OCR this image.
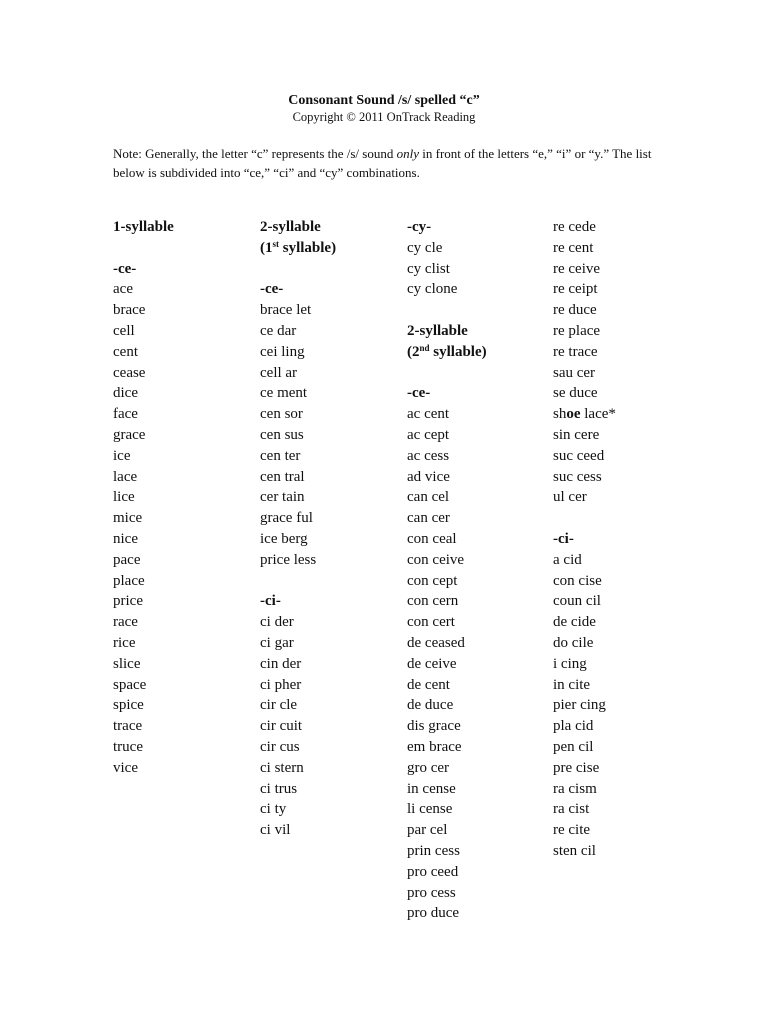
Consonant Sound /s/ spelled “c”

Copyright © 2011 OnTrack Reading

Note: Generally, the letter “c” represents the /s/ sound only in front of the letters “e,” “i” or “y.” The list below is subdivided into “ce,” “ci” and “cy” combinations.

1-syllable
-ce-
ace
brace
cell
cent
cease
dice
face
grace
ice
lace
lice
mice
nice
pace
place
price
race
rice
slice
space
spice
trace
truce
vice
2-syllable
(1st syllable)
-ce-
brace let
ce dar
cei ling
cell ar
ce ment
cen sor
cen sus
cen ter
cen tral
cer tain
grace ful
ice berg
price less
-ci-
ci der
ci gar
cin der
ci pher
cir cle
cir cuit
cir cus
ci stern
ci trus
ci ty
ci vil
-cy-
cy cle
cy clist
cy clone
2-syllable
(2nd syllable)
-ce-
ac cent
ac cept
ac cess
ad vice
can cel
can cer
con ceal
con ceive
con cept
con cern
con cert
de ceased
de ceive
de cent
de duce
dis grace
em brace
gro cer
in cense
li cense
par cel
prin cess
pro ceed
pro cess
pro duce
re cede
re cent
re ceive
re ceipt
re duce
re place
re trace
sau cer
se duce
shoe lace*
sin cere
suc ceed
suc cess
ul cer
-ci-
a cid
con cise
coun cil
de cide
do cile
i cing
in cite
pier cing
pla cid
pen cil
pre cise
ra cism
ra cist
re cite
sten cil
